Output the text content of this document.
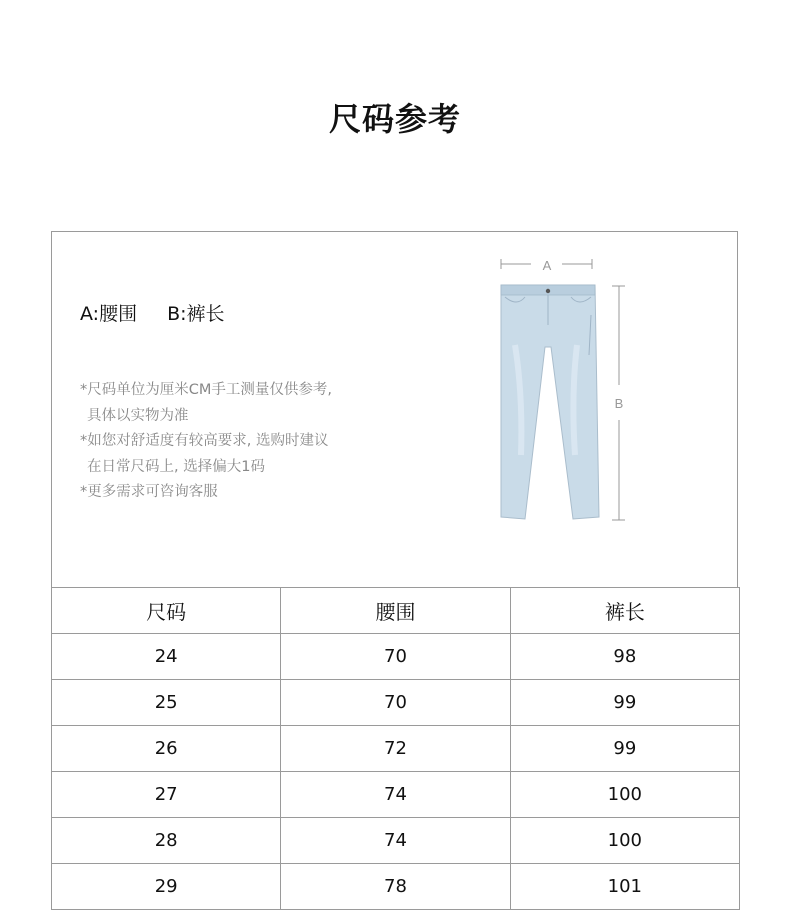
尺码参考
A:腰围 B:裤长
*尺码单位为厘米CM手工测量仅供参考,
具体以实物为准
*如您对舒适度有较高要求, 选购时建议
在日常尺码上, 选择偏大1码
*更多需求可咨询客服
A
B
尺码	腰围	裤长
24	70	98
25	70	99
26	72	99
27	74	100
28	74	100
29	78	101
